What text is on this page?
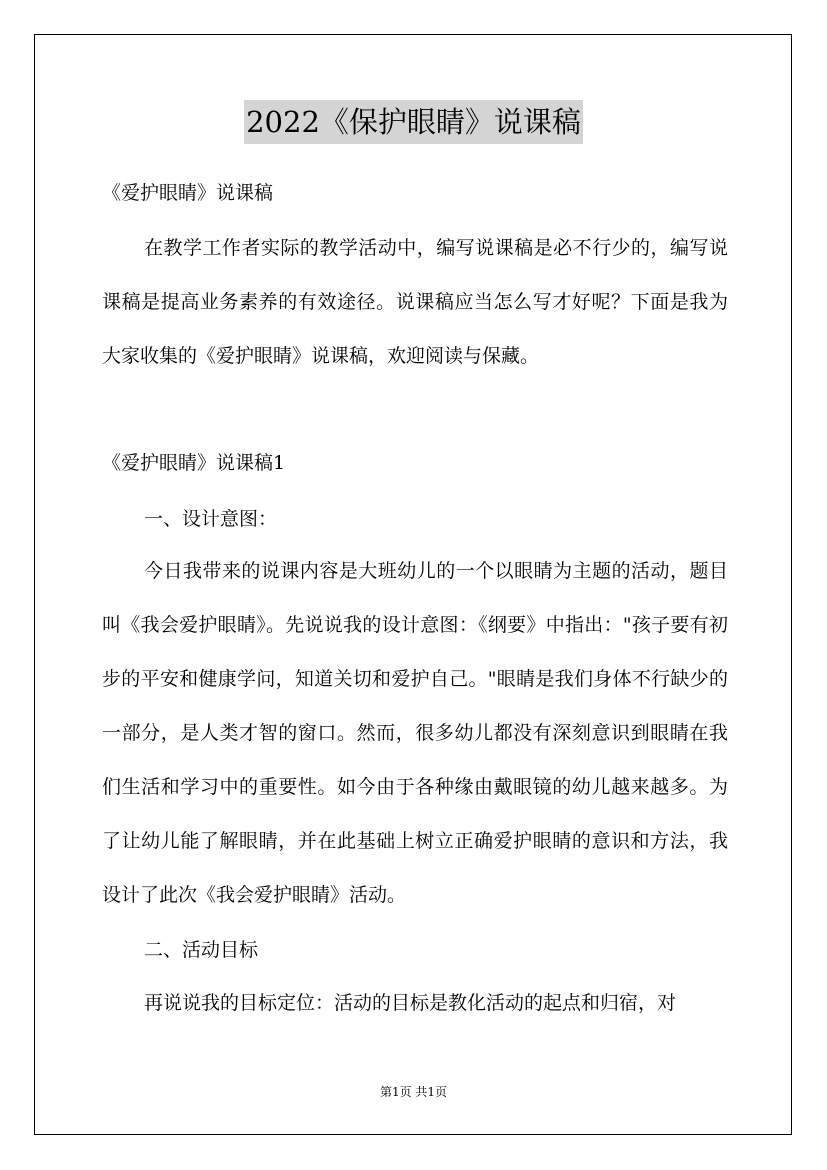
2022《保护眼睛》说课稿
《爱护眼睛》说课稿
在教学工作者实际的教学活动中，编写说课稿是必不行少的，编写说课稿是提高业务素养的有效途径。说课稿应当怎么写才好呢？下面是我为大家收集的《爱护眼睛》说课稿，欢迎阅读与保藏。
《爱护眼睛》说课稿1
一、设计意图：
今日我带来的说课内容是大班幼儿的一个以眼睛为主题的活动，题目叫《我会爱护眼睛》。先说说我的设计意图：《纲要》中指出："孩子要有初步的平安和健康学问，知道关切和爱护自己。"眼睛是我们身体不行缺少的一部分，是人类才智的窗口。然而，很多幼儿都没有深刻意识到眼睛在我们生活和学习中的重要性。如今由于各种缘由戴眼镜的幼儿越来越多。为了让幼儿能了解眼睛，并在此基础上树立正确爱护眼睛的意识和方法，我设计了此次《我会爱护眼睛》活动。
二、活动目标
再说说我的目标定位：活动的目标是教化活动的起点和归宿，对
第1页 共1页
